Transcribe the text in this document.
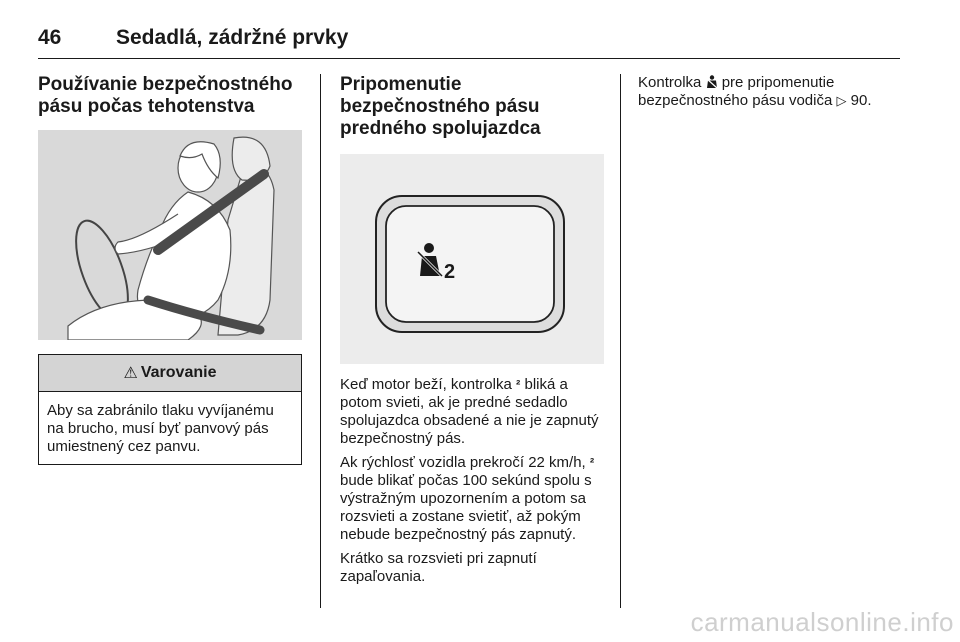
46	Sedadlá, zádržné prvky
Používanie bezpečnostného pásu počas tehotenstva
⚠ Varovanie
Aby sa zabránilo tlaku vyvíjanému na brucho, musí byť panvový pás umiestnený cez panvu.
Pripomenutie bezpečnostného pásu predného spolujazdca
2

Keď motor beží, kontrolka ² bliká a potom svieti, ak je predné sedadlo spolujazdca obsadené a nie je zapnutý bezpečnostný pás.

Ak rýchlosť vozidla prekročí 22 km/h, ² bude blikať počas 100 sekúnd spolu s výstražným upozornením a potom sa rozsvieti a zostane svietiť, až pokým nebude bezpečnostný pás zapnutý.

Krátko sa rozsvieti pri zapnutí zapaľovania.

Kontrolka  pre pripomenutie bezpečnostného pásu vodiča ▷ 90.

carmanualsonline.info
